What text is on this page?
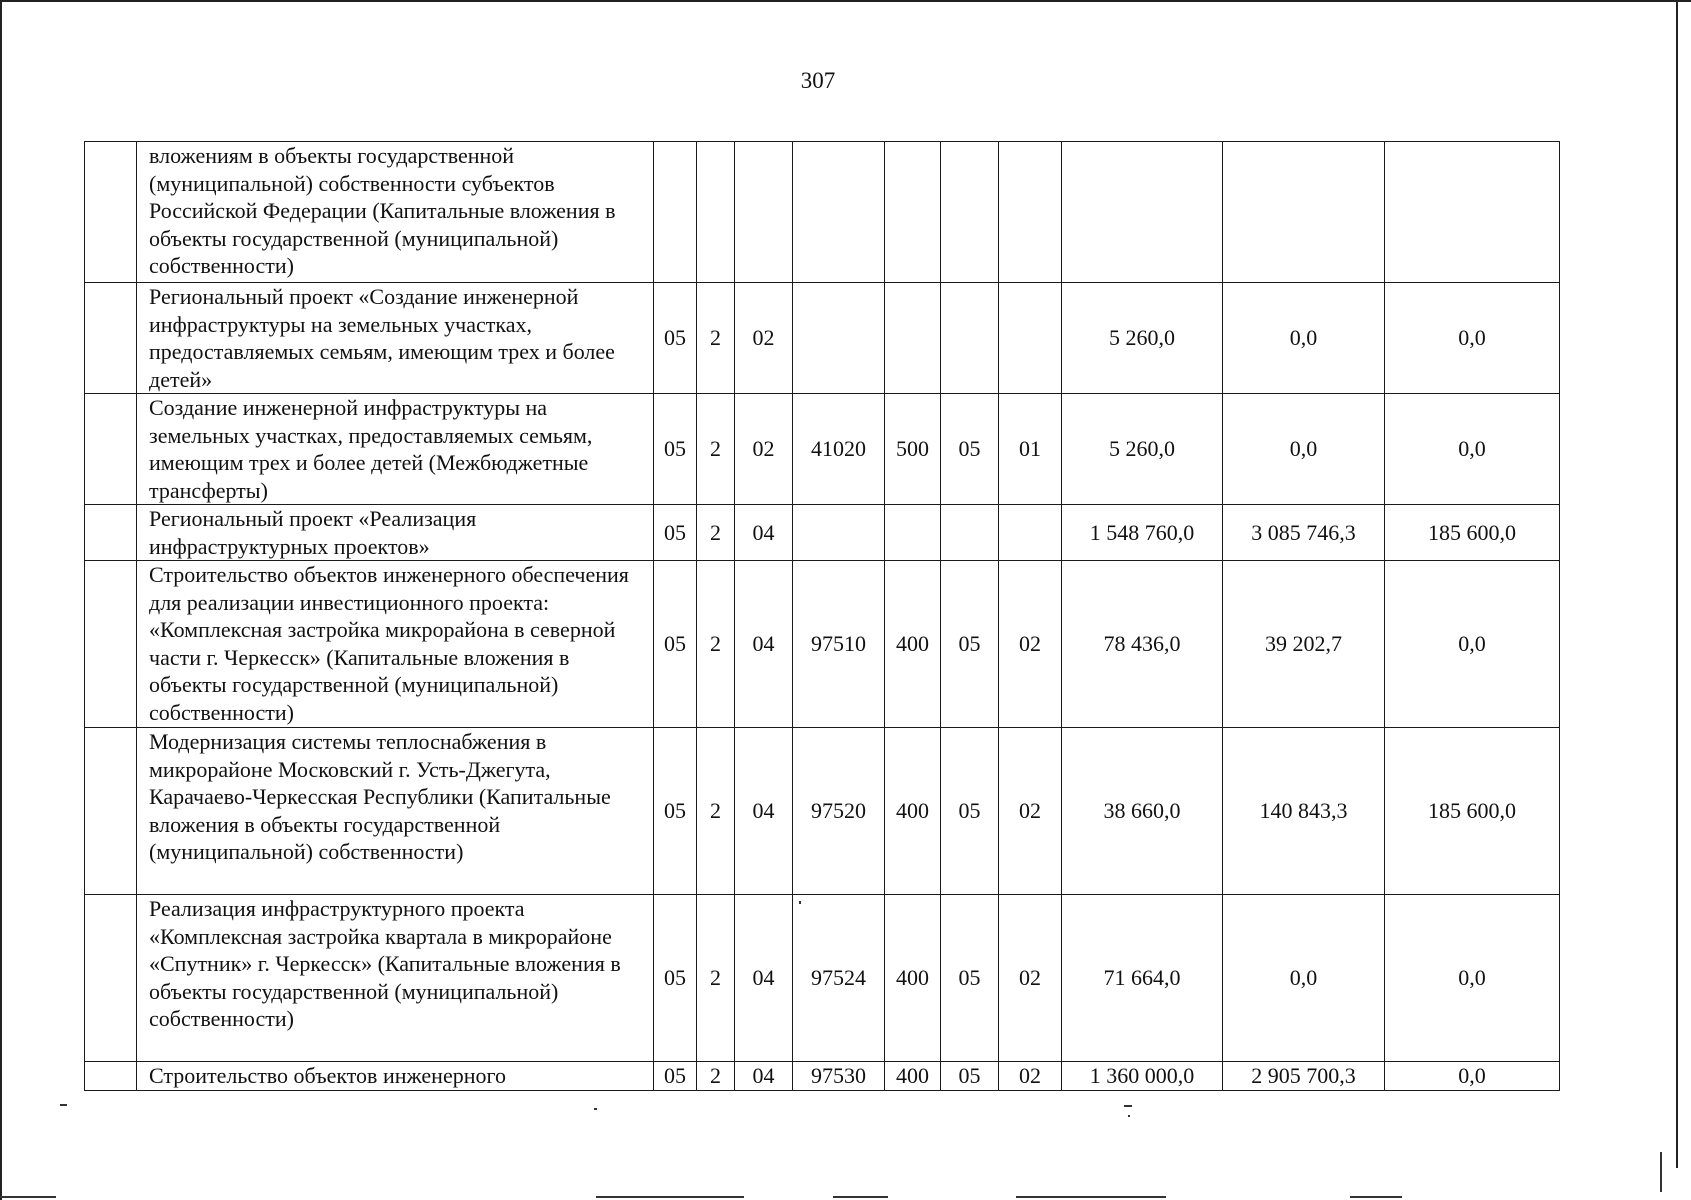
307
	вложениям в объекты государственной (муниципальной) собственности субъектов Российской Федерации (Капитальные вложения в объекты государственной (муниципальной) собственности)										
	Региональный проект «Создание инженерной инфраструктуры на земельных участках, предоставляемых семьям, имеющим трех и более детей»	05	2	02					5 260,0	0,0	0,0
	Создание инженерной инфраструктуры на земельных участках, предоставляемых семьям, имеющим трех и более детей (Межбюджетные трансферты)	05	2	02	41020	500	05	01	5 260,0	0,0	0,0
	Региональный проект «Реализация инфраструктурных проектов»	05	2	04					1 548 760,0	3 085 746,3	185 600,0
	Строительство объектов инженерного обеспечения для реализации инвестиционного проекта: «Комплексная застройка микрорайона в северной части г. Черкесск» (Капитальные вложения в объекты государственной (муниципальной) собственности)	05	2	04	97510	400	05	02	78 436,0	39 202,7	0,0
	Модернизация системы теплоснабжения в микрорайоне Московский г. Усть-Джегута, Карачаево-Черкесская Республики (Капитальные вложения в объекты государственной (муниципальной) собственности)	05	2	04	97520	400	05	02	38 660,0	140 843,3	185 600,0
	Реализация инфраструктурного проекта «Комплексная застройка квартала в микрорайоне «Спутник» г. Черкесск» (Капитальные вложения в объекты государственной (муниципальной) собственности)	05	2	04	97524	400	05	02	71 664,0	0,0	0,0
	Строительство объектов инженерного	05	2	04	97530	400	05	02	1 360 000,0	2 905 700,3	0,0
